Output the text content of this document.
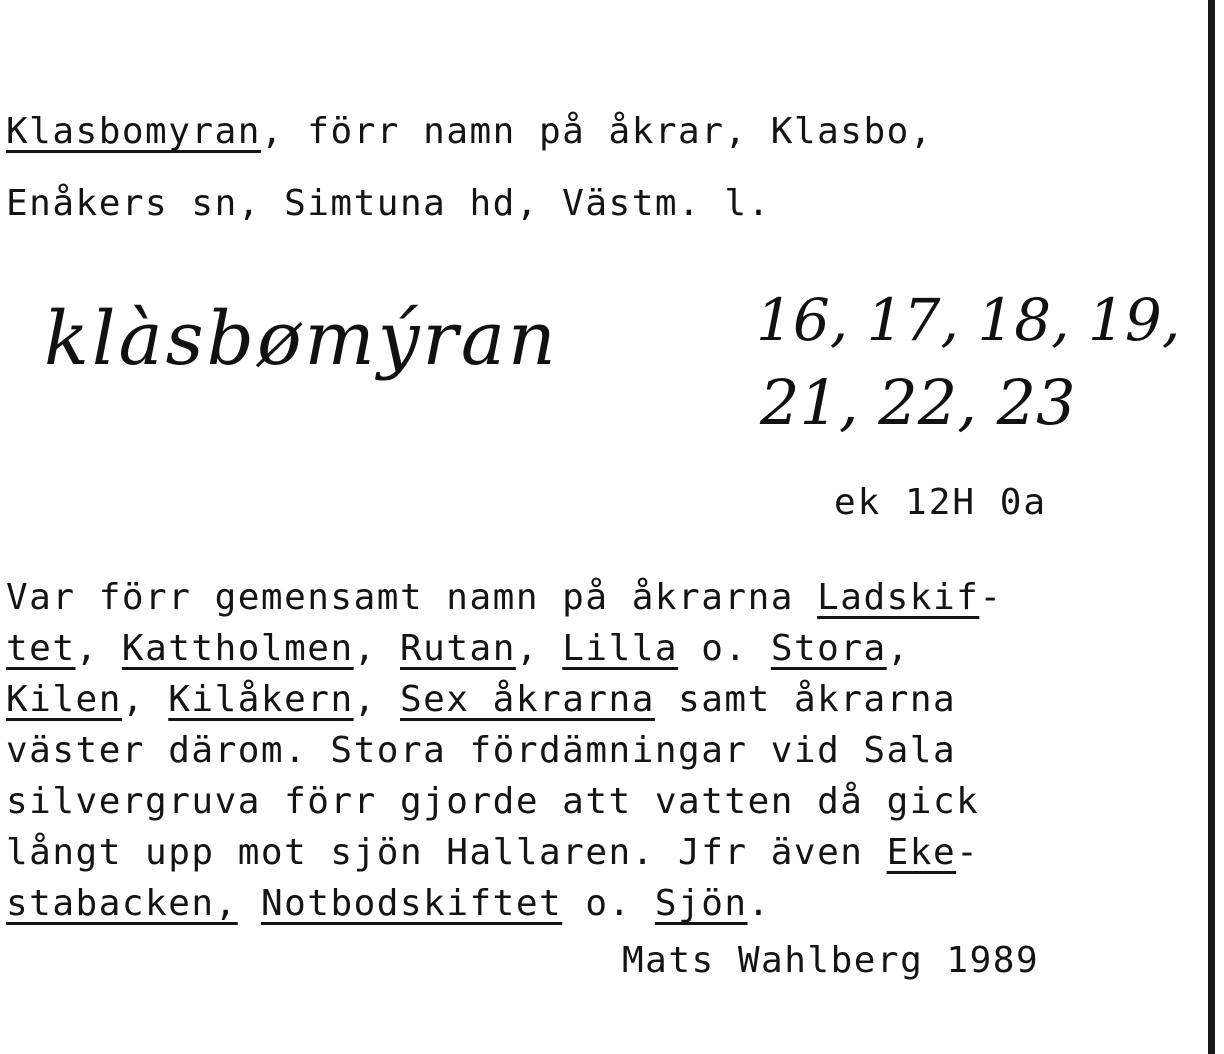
Klasbomyran, förr namn på åkrar, Klasbo,
Enåkers sn, Simtuna hd, Västm. l.
klàsbømýran	16, 17, 18, 19,
21, 22, 23
ek 12H 0a
Var förr gemensamt namn på åkrarna Ladskif-
tet, Kattholmen, Rutan, Lilla o. Stora,
Kilen, Kilåkern, Sex åkrarna samt åkrarna
väster därom. Stora fördämningar vid Sala
silvergruva förr gjorde att vatten då gick
långt upp mot sjön Hallaren. Jfr även Eke-
stabacken, Notbodskiftet o. Sjön.
Mats Wahlberg 1989
